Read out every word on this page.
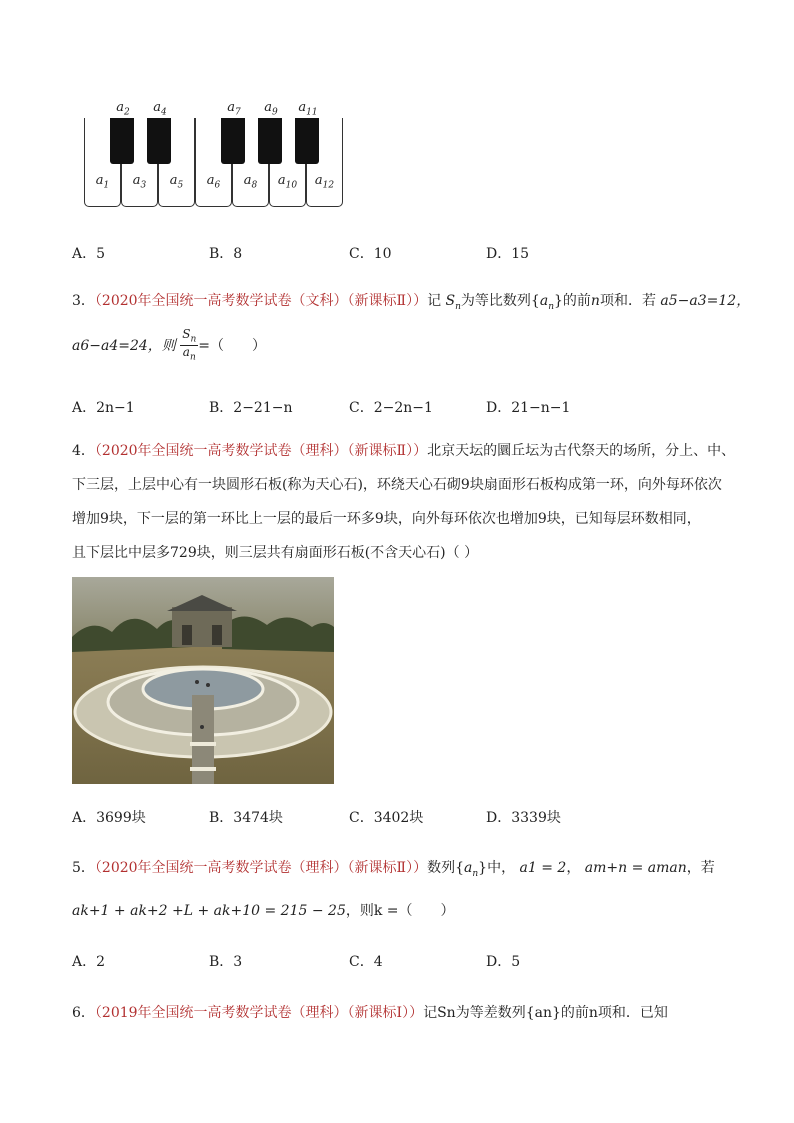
$a_1$	$a_3$	$a_5$	$a_6$	$a_8$	$a_{10}$	$a_{12}$
$a_2$	$a_4$	$a_7$	$a_9$	$a_{11}$
A．5	B．8	C．10	D．15
3．（2020年全国统一高考数学试卷（文科）（新课标Ⅱ））记 $S_n$为等比数列$\{a_n\}$的前n项和．若 a5−a3=12，
a6−a4=24，则 $\frac{S_n}{a_n}$ =（　　）
A．2n−1	B．2−21−n	C．2−2n−1	D．21−n−1
4．（2020年全国统一高考数学试卷（理科）（新课标Ⅱ））北京天坛的圜丘坛为古代祭天的场所，分上、中、
下三层，上层中心有一块圆形石板(称为天心石)，环绕天心石砌9块扇面形石板构成第一环，向外每环依次
增加9块，下一层的第一环比上一层的最后一环多9块，向外每环依次也增加9块，已知每层环数相同，
且下层比中层多729块，则三层共有扇面形石板(不含天心石)（ ）
A．3699块	B．3474块	C．3402块	D．3339块
5．（2020年全国统一高考数学试卷（理科）（新课标Ⅱ））数列$\{a_n\}$中， a1 = 2， am+n = aman，若
ak+1 + ak+2 +L + ak+10 = 215 − 25，则k =（　　）
A．2	B．3	C．4	D．5
6．（2019年全国统一高考数学试卷（理科）（新课标Ⅰ））记Sn为等差数列{an}的前n项和．已知
